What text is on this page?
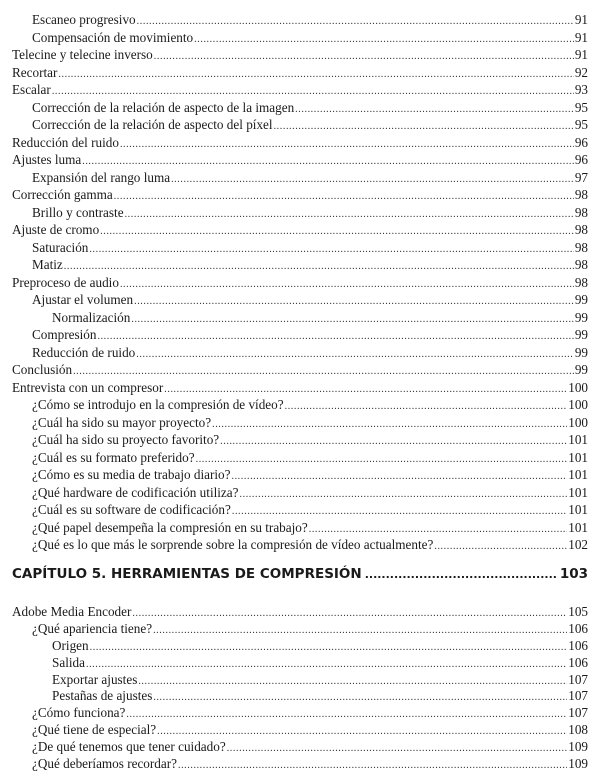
Escaneo progresivo .....	91
Compensación de movimiento .....	91
Telecine y telecine inverso .....	91
Recortar .....	92
Escalar .....	93
Corrección de la relación de aspecto de la imagen .....	95
Corrección de la relación de aspecto del píxel .....	95
Reducción del ruido .....	96
Ajustes luma .....	96
Expansión del rango luma .....	97
Corrección gamma .....	98
Brillo y contraste .....	98
Ajuste de cromo .....	98
Saturación .....	98
Matiz .....	98
Preproceso de audio .....	98
Ajustar el volumen .....	99
Normalización .....	99
Compresión .....	99
Reducción de ruido .....	99
Conclusión .....	99
Entrevista con un compresor .....	100
¿Cómo se introdujo en la compresión de vídeo? .....	100
¿Cuál ha sido su mayor proyecto? .....	100
¿Cuál ha sido su proyecto favorito? .....	101
¿Cuál es su formato preferido? .....	101
¿Cómo es su media de trabajo diario? .....	101
¿Qué hardware de codificación utiliza? .....	101
¿Cuál es su software de codificación? .....	101
¿Qué papel desempeña la compresión en su trabajo? .....	101
¿Qué es lo que más le sorprende sobre la compresión de vídeo actualmente? .....	102
CAPÍTULO 5. HERRAMIENTAS DE COMPRESIÓN .....	103
Adobe Media Encoder .....	105
¿Qué apariencia tiene? .....	106
Origen .....	106
Salida .....	106
Exportar ajustes .....	107
Pestañas de ajustes .....	107
¿Cómo funciona? .....	107
¿Qué tiene de especial? .....	108
¿De qué tenemos que tener cuidado? .....	109
¿Qué deberíamos recordar? .....	109
